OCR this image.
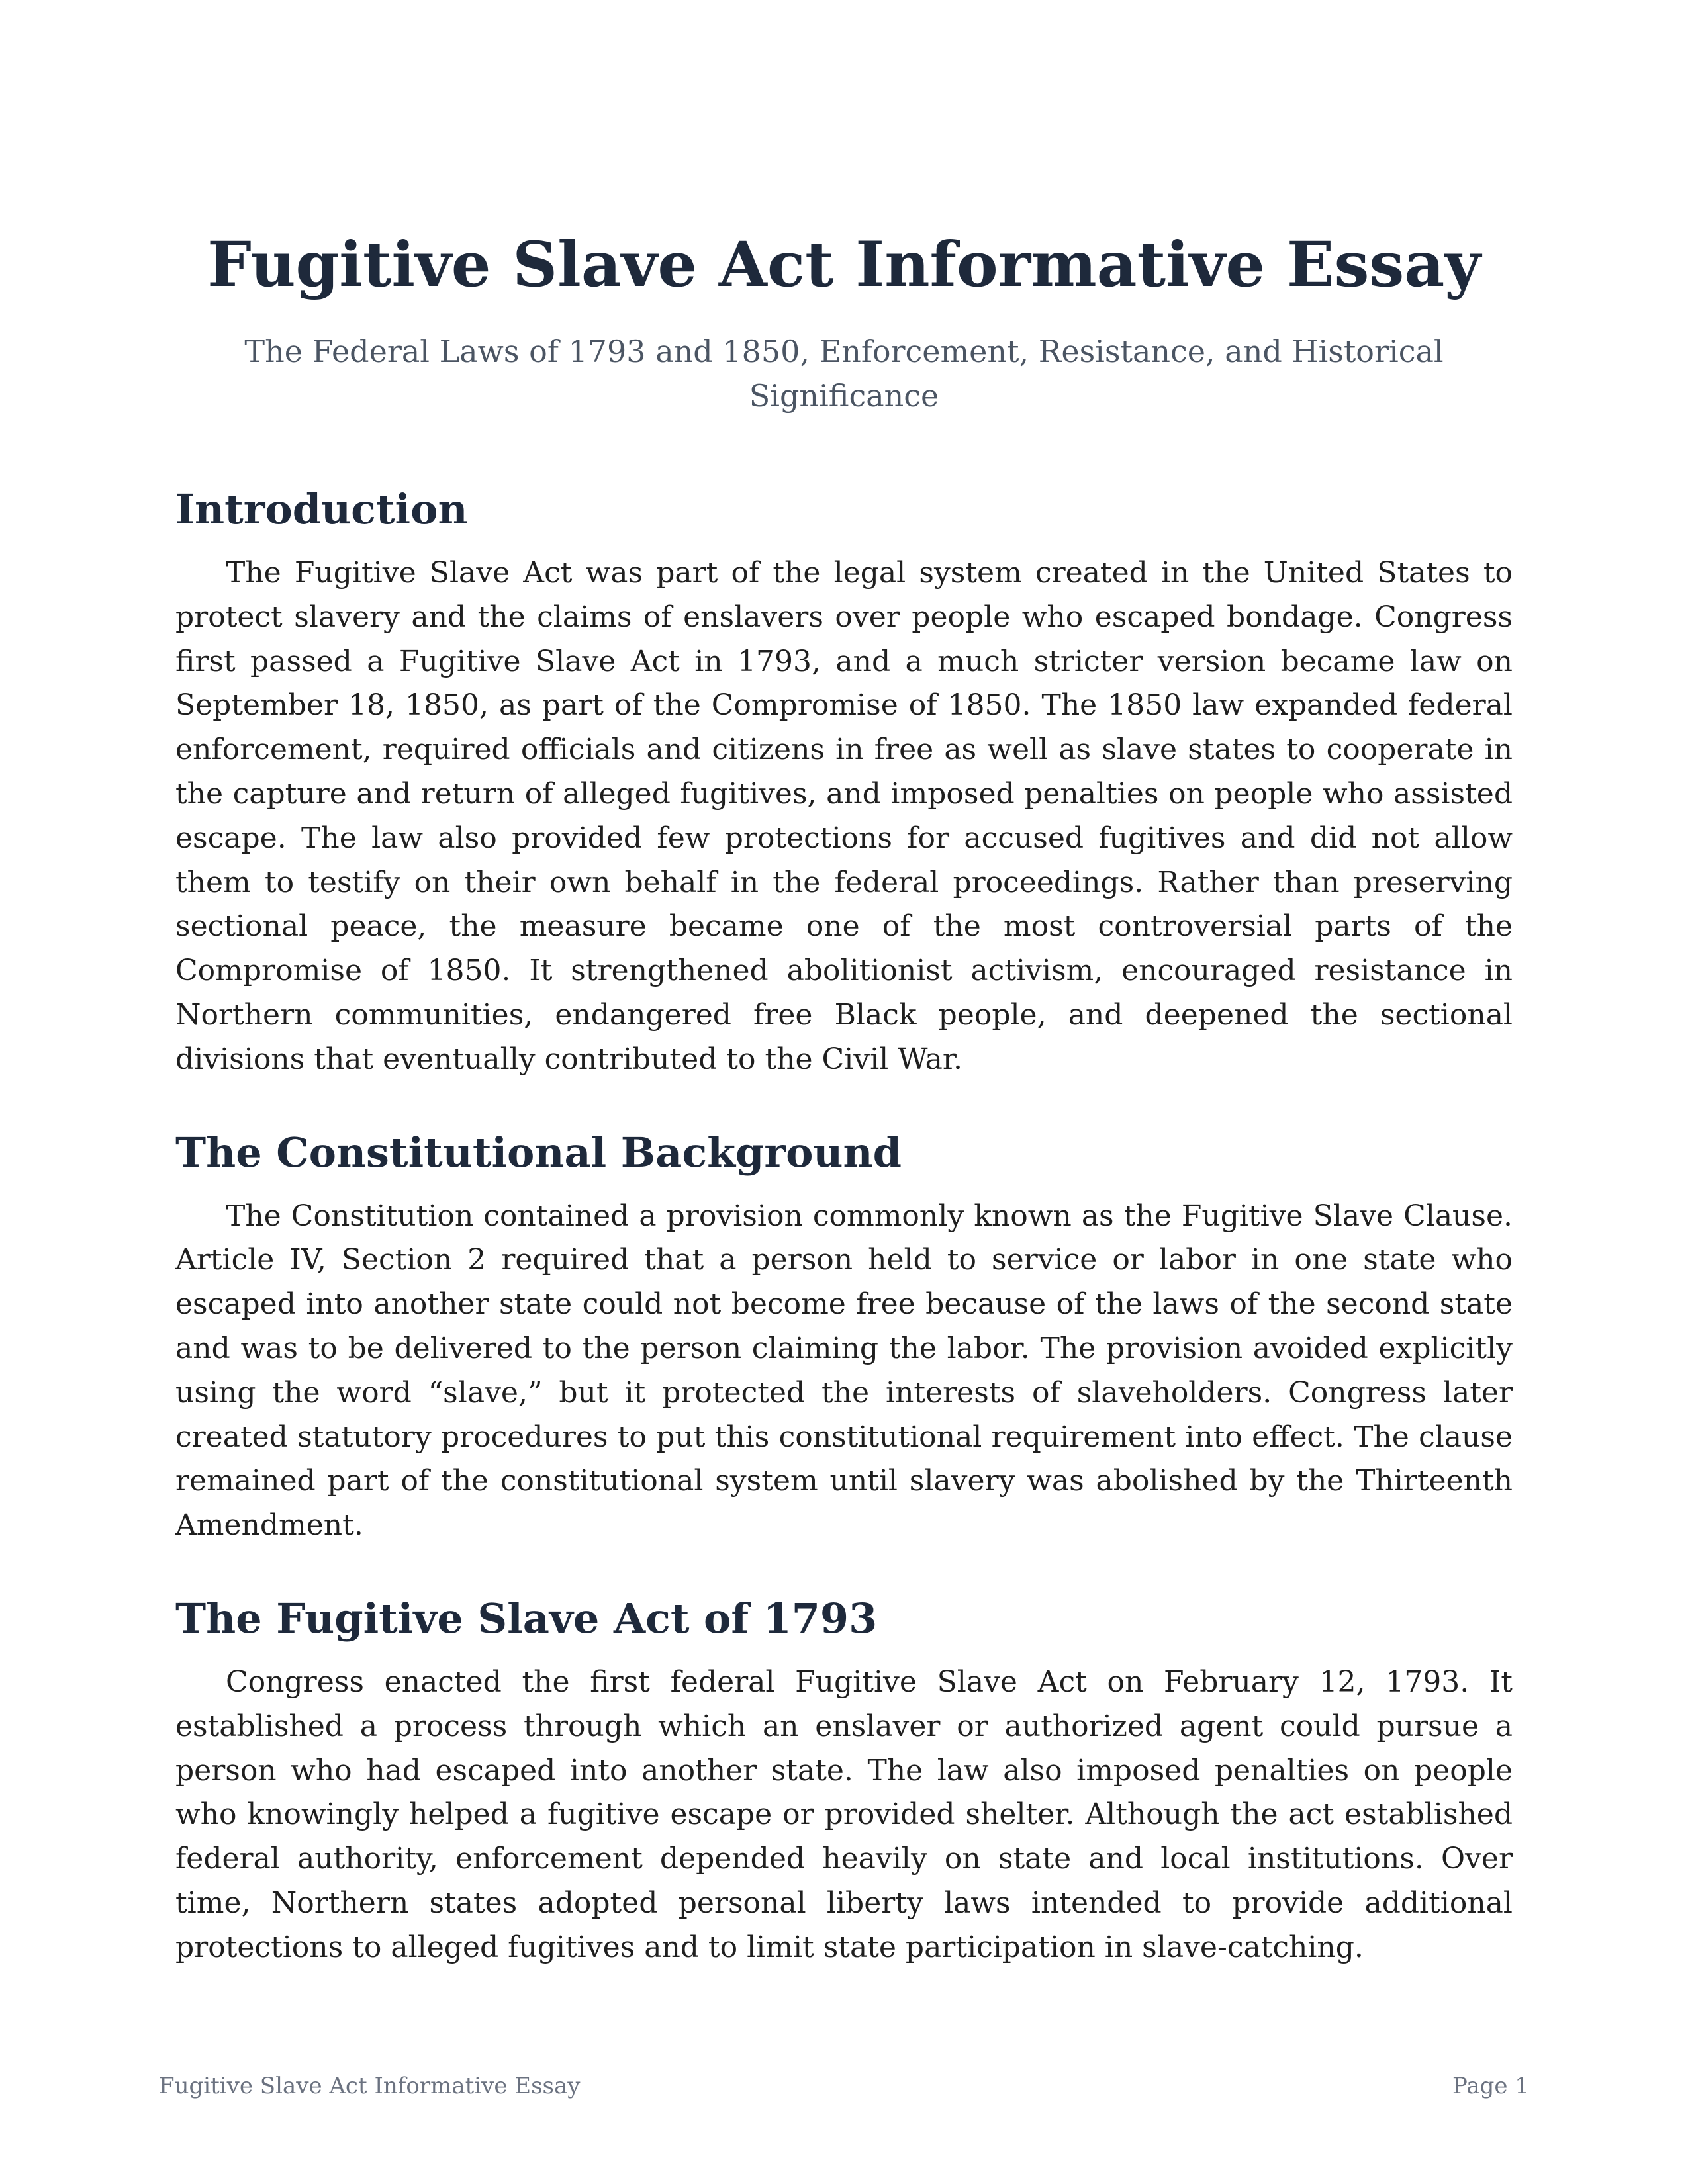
Fugitive Slave Act Informative Essay

The Federal Laws of 1793 and 1850, Enforcement, Resistance, and Historical Significance

Introduction

The Fugitive Slave Act was part of the legal system created in the United States to protect slavery and the claims of enslavers over people who escaped bondage. Congress first passed a Fugitive Slave Act in 1793, and a much stricter version became law on September 18, 1850, as part of the Compromise of 1850. The 1850 law expanded federal enforcement, required officials and citizens in free as well as slave states to cooperate in the capture and return of alleged fugitives, and imposed penalties on people who assisted escape. The law also provided few protections for accused fugitives and did not allow them to testify on their own behalf in the federal proceedings. Rather than preserving sectional peace, the measure became one of the most controversial parts of the Compromise of 1850. It strengthened abolitionist activism, encouraged resistance in Northern communities, endangered free Black people, and deepened the sectional divisions that eventually contributed to the Civil War.

The Constitutional Background

The Constitution contained a provision commonly known as the Fugitive Slave Clause. Article IV, Section 2 required that a person held to service or labor in one state who escaped into another state could not become free because of the laws of the second state and was to be delivered to the person claiming the labor. The provision avoided explicitly using the word “slave,” but it protected the interests of slaveholders. Congress later created statutory procedures to put this constitutional requirement into effect. The clause remained part of the constitutional system until slavery was abolished by the Thirteenth Amendment.

The Fugitive Slave Act of 1793

Congress enacted the first federal Fugitive Slave Act on February 12, 1793. It established a process through which an enslaver or authorized agent could pursue a person who had escaped into another state. The law also imposed penalties on people who knowingly helped a fugitive escape or provided shelter. Although the act established federal authority, enforcement depended heavily on state and local institutions. Over time, Northern states adopted personal liberty laws intended to provide additional protections to alleged fugitives and to limit state participation in slave-catching.

Fugitive Slave Act Informative Essay	Page 1
